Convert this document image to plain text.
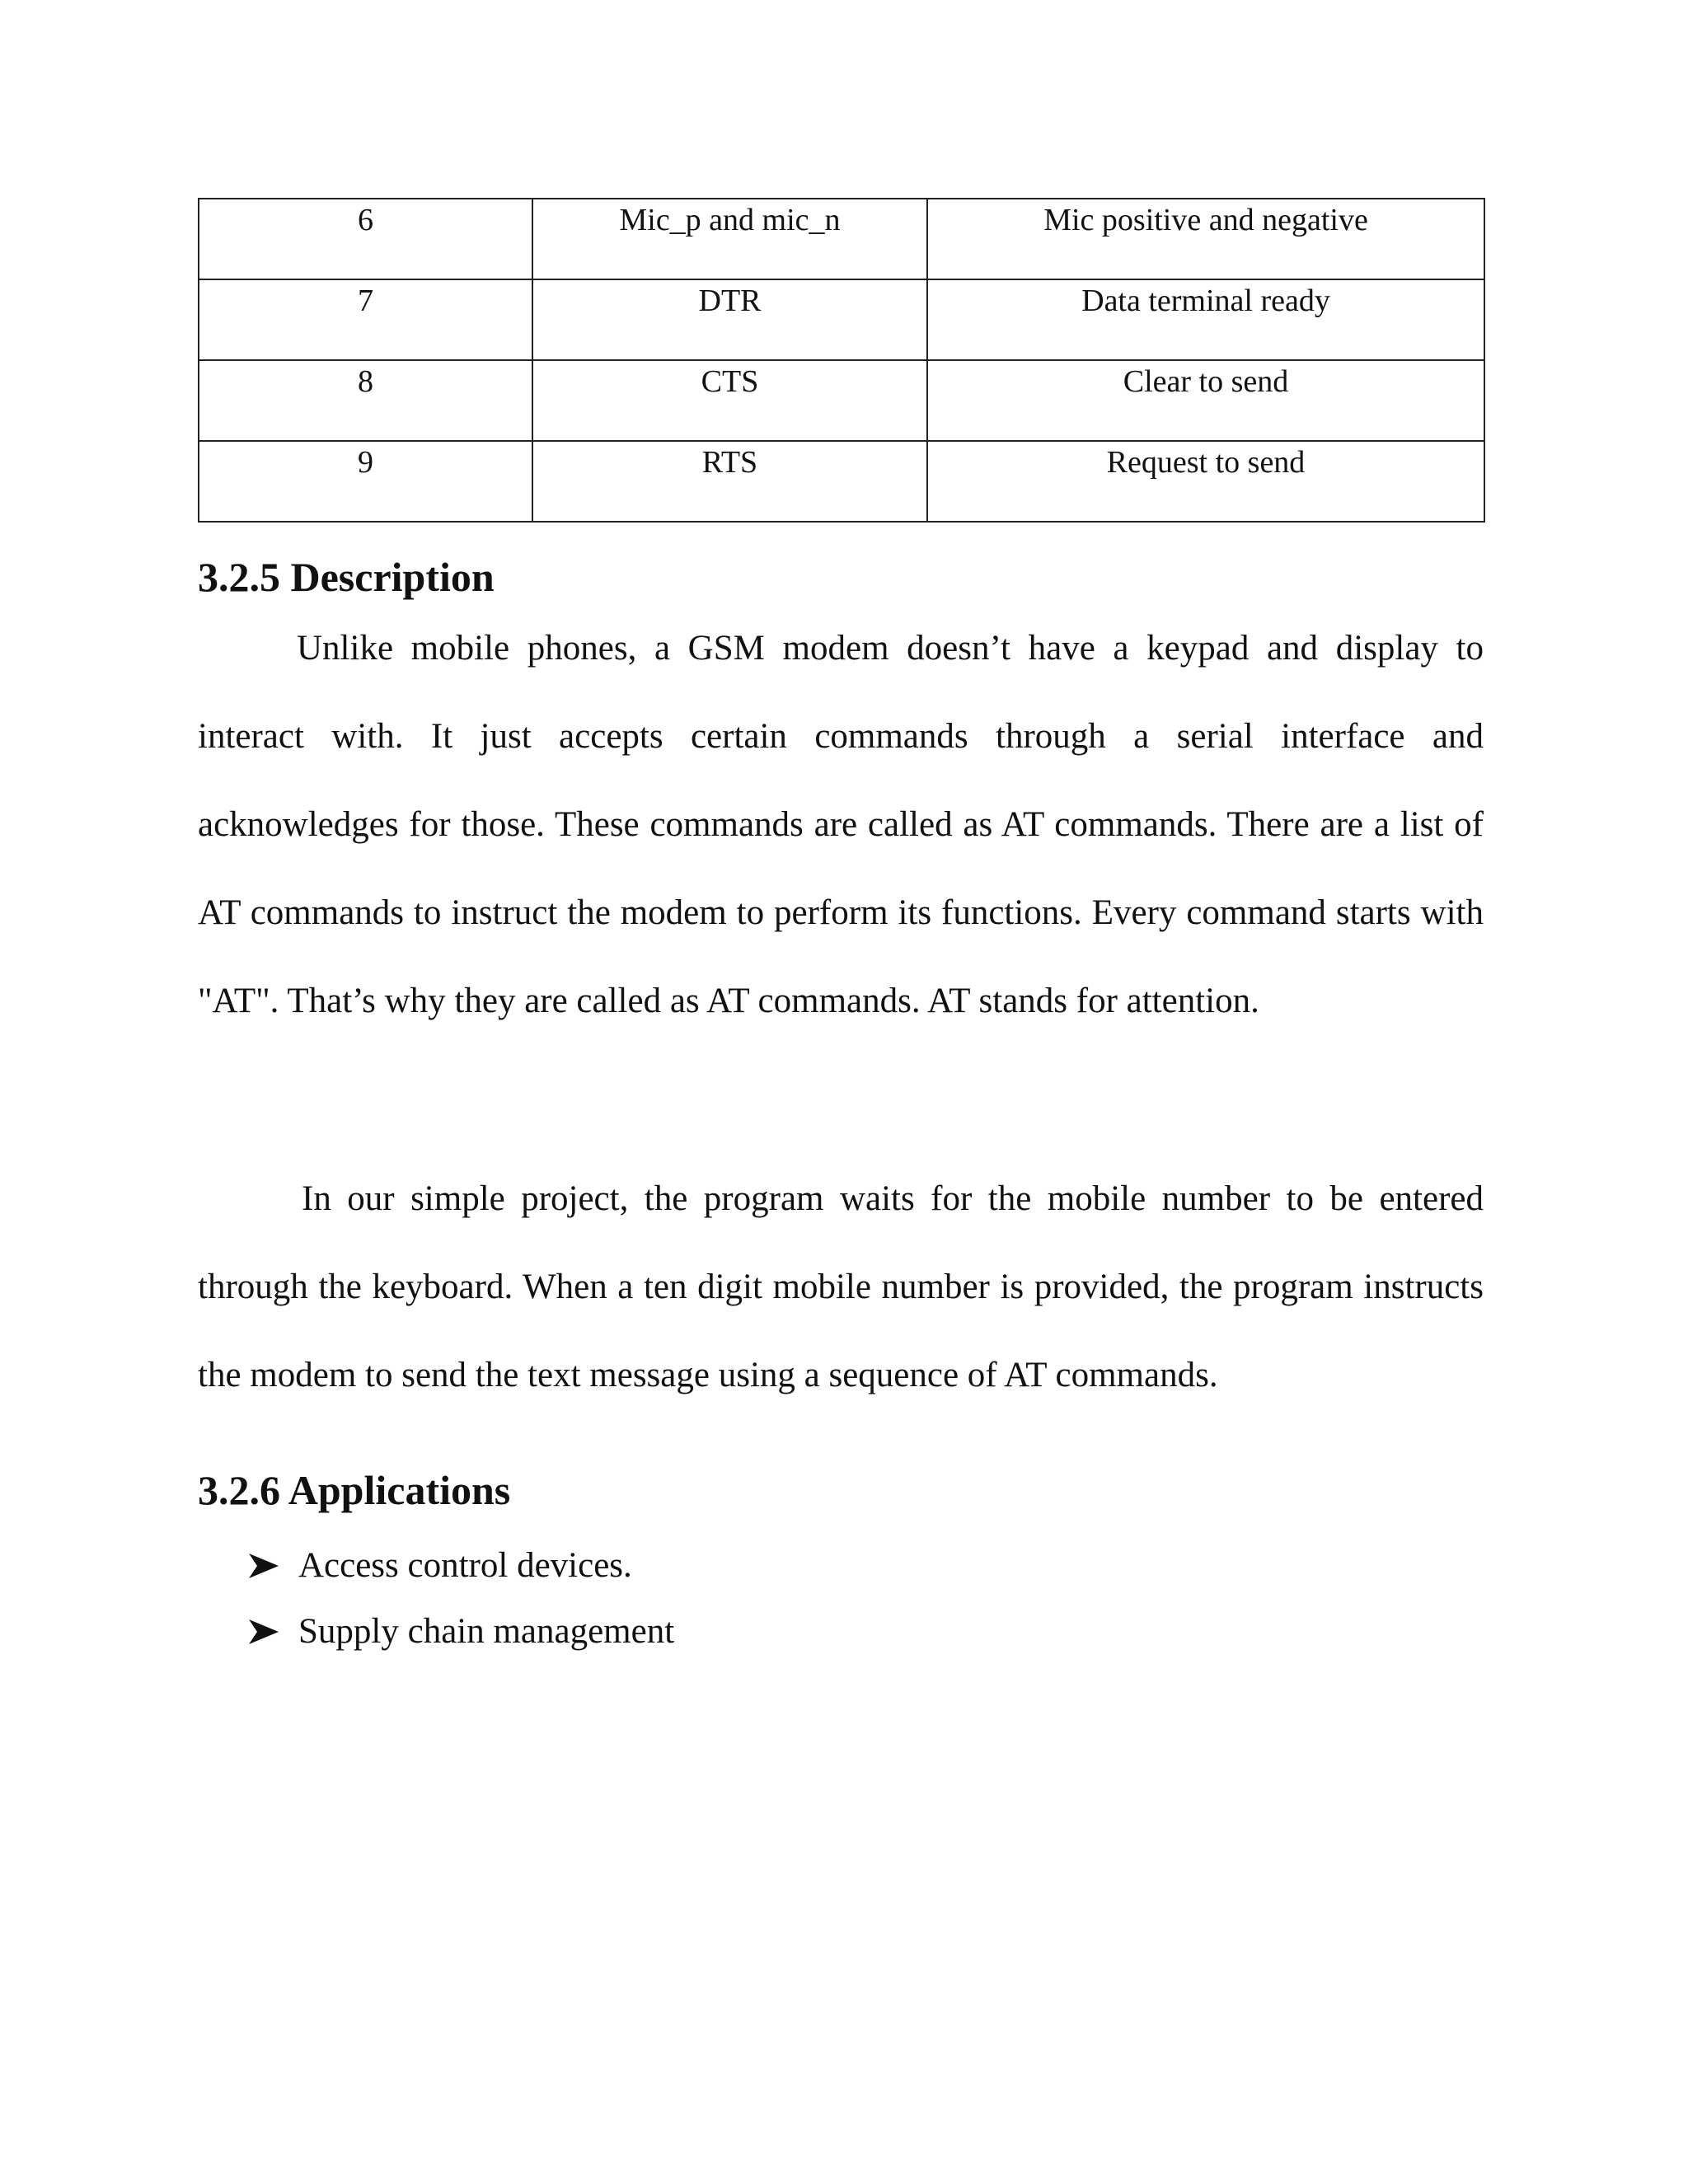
6	Mic_p and mic_n	Mic positive and negative
7	DTR	Data terminal ready
8	CTS	Clear to send
9	RTS	Request to send
3.2.5 Description

Unlike mobile phones, a GSM modem doesn’t have a keypad and display to interact with. It just accepts certain commands through a serial interface and acknowledges for those. These commands are called as AT commands. There are a list of AT commands to instruct the modem to perform its functions. Every command starts with "AT". That’s why they are called as AT commands. AT stands for attention.

In our simple project, the program waits for the mobile number to be entered through the keyboard. When a ten digit mobile number is provided, the program instructs the modem to send the text message using a sequence of AT commands.

3.2.6 Applications
Access control devices.
Supply chain management
